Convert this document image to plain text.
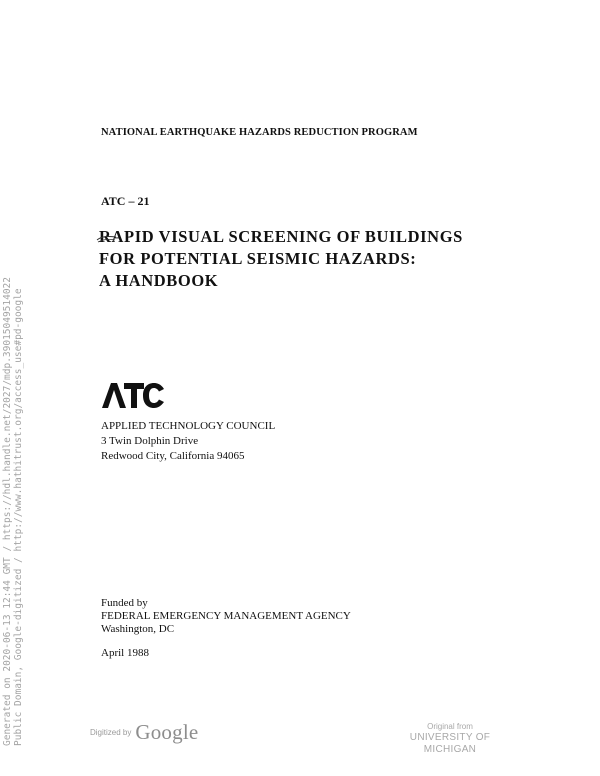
NATIONAL EARTHQUAKE HAZARDS REDUCTION PROGRAM
ATC – 21
RAPID VISUAL SCREENING OF BUILDINGS
FOR POTENTIAL SEISMIC HAZARDS:
A HANDBOOK
APPLIED TECHNOLOGY COUNCIL
3 Twin Dolphin Drive
Redwood City, California 94065
Funded by
FEDERAL EMERGENCY MANAGEMENT AGENCY
Washington, DC
April 1988
Generated on 2020-06-13 12:44 GMT / https://hdl.handle.net/2027/mdp.39015049514022 Public Domain, Google-digitized / http://www.hathitrust.org/access_use#pd-google	Digitized by Google	Original from
UNIVERSITY OF MICHIGAN
